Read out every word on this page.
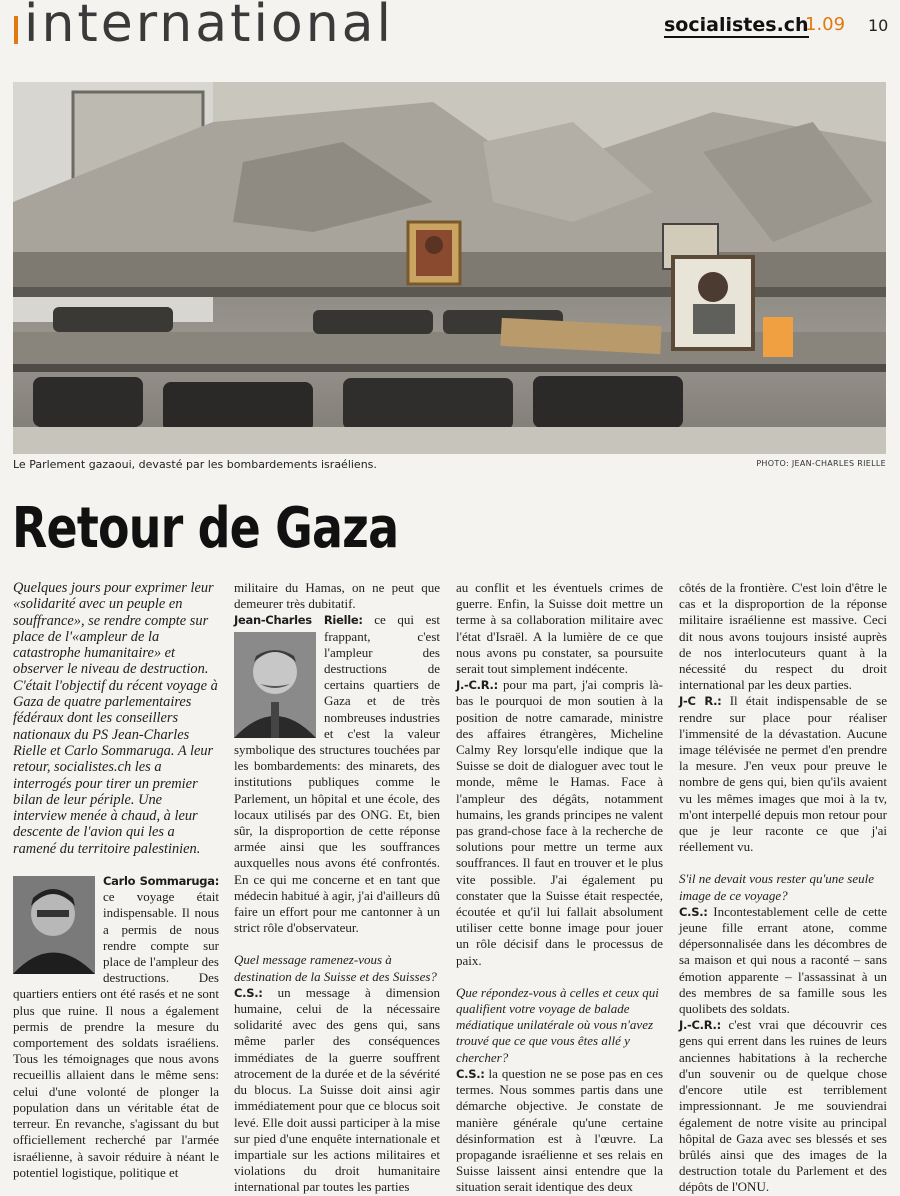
international	socialistes.ch
1.09 10
Le Parlement gazaoui, devasté par les bombardements israéliens.	PHOTO: JEAN-CHARLES RIELLE
Retour de Gaza

Quelques jours pour exprimer leur «solidarité avec un peuple en souffrance», se rendre compte sur place de l'«ampleur de la catastrophe humanitaire» et observer le niveau de destruction. C'était l'objectif du récent voyage à Gaza de quatre parlementaires fédéraux dont les conseillers nationaux du PS Jean-Charles Rielle et Carlo Sommaruga. A leur retour, socialistes.ch les a interrogés pour tirer un premier bilan de leur périple. Une interview menée à chaud, à leur descente de l'avion qui les a ramené du territoire palestinien.

Carlo Sommaruga:
ce voyage était indispensable. Il nous a permis de nous rendre compte sur place de l'ampleur des destructions. Des quartiers entiers ont été rasés et ne sont plus que ruine. Il nous a également permis de prendre la mesure du comportement des soldats israéliens. Tous les témoignages que nous avons recueillis allaient dans le même sens: celui d'une volonté de plonger la population dans un véritable état de terreur. En revanche, s'agissant du but officiellement recherché par l'armée israélienne, à savoir réduire à néant le potentiel logistique, politique et

militaire du Hamas, on ne peut que demeurer très dubitatif.

Jean-Charles Rielle:
ce qui est frappant, c'est l'ampleur des destructions de certains quartiers de Gaza et de très nombreuses industries et c'est la valeur symbolique des structures touchées par les bombardements: des minarets, des institutions publiques comme le Parlement, un hôpital et une école, des locaux utilisés par des ONG. Et, bien sûr, la disproportion de cette réponse armée ainsi que les souffrances auxquelles nous avons été confrontés. En ce qui me concerne et en tant que médecin habitué à agir, j'ai d'ailleurs dû faire un effort pour me cantonner à un strict rôle d'observateur.

Quel message ramenez-vous à destination de la Suisse et des Suisses?

C.S.: un message à dimension humaine, celui de la nécessaire solidarité avec des gens qui, sans même parler des conséquences immédiates de la guerre souffrent atrocement de la durée et de la sévérité du blocus. La Suisse doit ainsi agir immédiatement pour que ce blocus soit levé. Elle doit aussi participer à la mise sur pied d'une enquête internationale et impartiale sur les actions militaires et violations du droit humanitaire international par toutes les parties

au conflit et les éventuels crimes de guerre. Enfin, la Suisse doit mettre un terme à sa collaboration militaire avec l'état d'Israël. A la lumière de ce que nous avons pu constater, sa poursuite serait tout simplement indécente.

J.-C.R.: pour ma part, j'ai compris là-bas le pourquoi de mon soutien à la position de notre camarade, ministre des affaires étrangères, Micheline Calmy Rey lorsqu'elle indique que la Suisse se doit de dialoguer avec tout le monde, même le Hamas. Face à l'ampleur des dégâts, notamment humains, les grands principes ne valent pas grand-chose face à la recherche de solutions pour mettre un terme aux souffrances. Il faut en trouver et le plus vite possible. J'ai également pu constater que la Suisse était respectée, écoutée et qu'il lui fallait absolument utiliser cette bonne image pour jouer un rôle décisif dans le processus de paix.

Que répondez-vous à celles et ceux qui qualifient votre voyage de balade médiatique unilatérale où vous n'avez trouvé que ce que vous êtes allé y chercher?

C.S.: la question ne se pose pas en ces termes. Nous sommes partis dans une démarche objective. Je constate de manière générale qu'une certaine désinformation est à l'œuvre. La propagande israélienne et ses relais en Suisse laissent ainsi entendre que la situation serait identique des deux

côtés de la frontière. C'est loin d'être le cas et la disproportion de la réponse militaire israélienne est massive. Ceci dit nous avons toujours insisté auprès de nos interlocuteurs quant à la nécessité du respect du droit international par les deux parties.

J-C R.: Il était indispensable de se rendre sur place pour réaliser l'immensité de la dévastation. Aucune image télévisée ne permet d'en prendre la mesure. J'en veux pour preuve le nombre de gens qui, bien qu'ils avaient vu les mêmes images que moi à la tv, m'ont interpellé depuis mon retour pour que je leur raconte ce que j'ai réellement vu.

S'il ne devait vous rester qu'une seule image de ce voyage?

C.S.: Incontestablement celle de cette jeune fille errant atone, comme dépersonnalisée dans les décombres de sa maison et qui nous a raconté – sans émotion apparente – l'assassinat à un des membres de sa famille sous les quolibets des soldats.

J.-C.R.: c'est vrai que découvrir ces gens qui errent dans les ruines de leurs anciennes habitations à la recherche d'un souvenir ou de quelque chose d'encore utile est terriblement impressionnant. Je me souviendrai également de notre visite au principal hôpital de Gaza avec ses blessés et ses brûlés ainsi que des images de la destruction totale du Parlement et des dépôts de l'ONU.
